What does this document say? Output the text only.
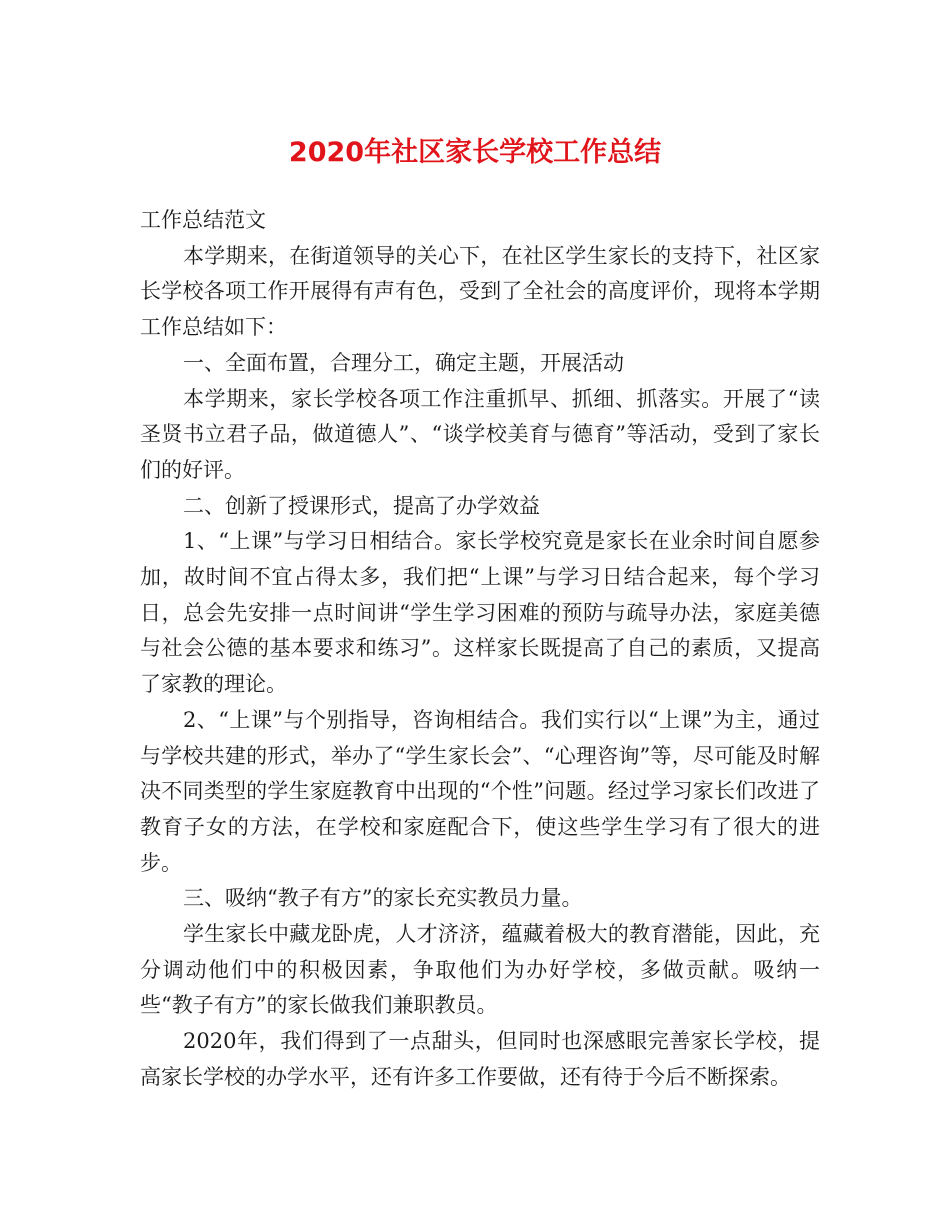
2020年社区家长学校工作总结

工作总结范文

本学期来，在街道领导的关心下，在社区学生家长的支持下，社区家长学校各项工作开展得有声有色，受到了全社会的高度评价，现将本学期工作总结如下：

一、全面布置，合理分工，确定主题，开展活动

本学期来，家长学校各项工作注重抓早、抓细、抓落实。开展了“读圣贤书立君子品，做道德人”、“谈学校美育与德育”等活动，受到了家长们的好评。

二、创新了授课形式，提高了办学效益

1、“上课”与学习日相结合。家长学校究竟是家长在业余时间自愿参加，故时间不宜占得太多，我们把“上课”与学习日结合起来，每个学习日，总会先安排一点时间讲“学生学习困难的预防与疏导办法，家庭美德与社会公德的基本要求和练习”。这样家长既提高了自己的素质，又提高了家教的理论。

2、“上课”与个别指导，咨询相结合。我们实行以“上课”为主，通过与学校共建的形式，举办了“学生家长会”、“心理咨询”等，尽可能及时解决不同类型的学生家庭教育中出现的“个性”问题。经过学习家长们改进了教育子女的方法，在学校和家庭配合下，使这些学生学习有了很大的进步。

三、吸纳“教子有方”的家长充实教员力量。

学生家长中藏龙卧虎，人才济济，蕴藏着极大的教育潜能，因此，充分调动他们中的积极因素，争取他们为办好学校，多做贡献。吸纳一些“教子有方”的家长做我们兼职教员。

2020年，我们得到了一点甜头，但同时也深感眼完善家长学校，提高家长学校的办学水平，还有许多工作要做，还有待于今后不断探索。
